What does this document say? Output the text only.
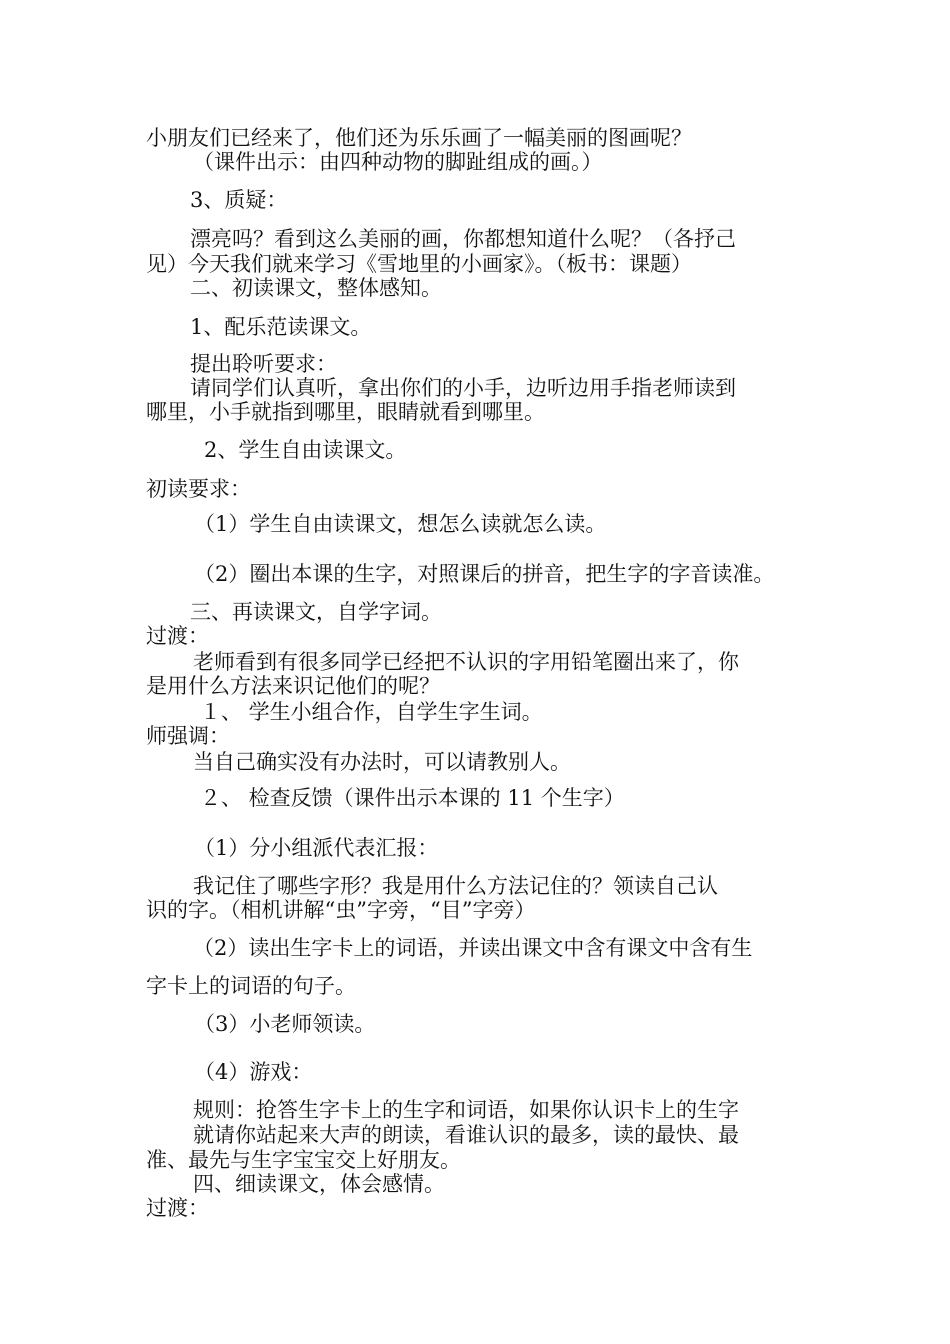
小朋友们已经来了，他们还为乐乐画了一幅美丽的图画呢？
（课件出示：由四种动物的脚趾组成的画。）
3、质疑：
漂亮吗？看到这么美丽的画，你都想知道什么呢？（各抒己
见）今天我们就来学习《雪地里的小画家》。（板书：课题）
二、初读课文，整体感知。
1、配乐范读课文。
提出聆听要求：
请同学们认真听，拿出你们的小手，边听边用手指老师读到
哪里，小手就指到哪里，眼睛就看到哪里。
2、学生自由读课文。
初读要求：
（1）学生自由读课文，想怎么读就怎么读。
（2）圈出本课的生字，对照课后的拼音，把生字的字音读准。
三、再读课文，自学字词。
过渡：
老师看到有很多同学已经把不认识的字用铅笔圈出来了，你
是用什么方法来识记他们的呢？
１、 学生小组合作，自学生字生词。
师强调：
当自己确实没有办法时，可以请教别人。
２、 检查反馈（课件出示本课的 11 个生字）
（1）分小组派代表汇报：
我记住了哪些字形？我是用什么方法记住的？领读自己认
识的字。（相机讲解“虫”字旁，“目”字旁）
（2）读出生字卡上的词语，并读出课文中含有课文中含有生
字卡上的词语的句子。
（3）小老师领读。
（4）游戏：
规则：抢答生字卡上的生字和词语，如果你认识卡上的生字
就请你站起来大声的朗读，看谁认识的最多，读的最快、最
准、最先与生字宝宝交上好朋友。
四、细读课文，体会感情。
过渡：
